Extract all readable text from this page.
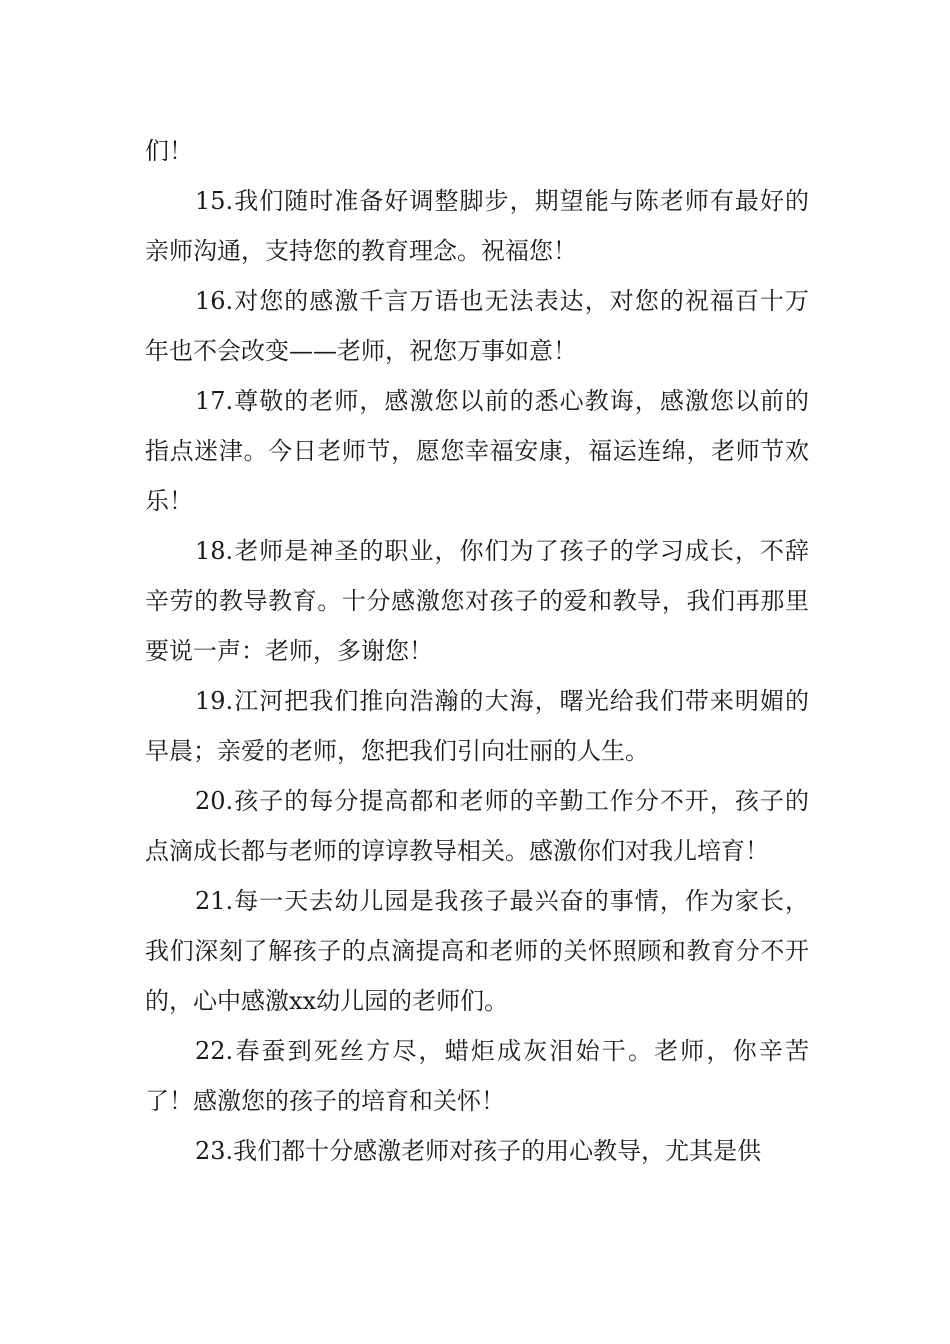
们！

15.我们随时准备好调整脚步，期望能与陈老师有最好的亲师沟通，支持您的教育理念。祝福您！

16.对您的感激千言万语也无法表达，对您的祝福百十万年也不会改变——老师，祝您万事如意！

17.尊敬的老师，感激您以前的悉心教诲，感激您以前的指点迷津。今日老师节，愿您幸福安康，福运连绵，老师节欢乐！

18.老师是神圣的职业，你们为了孩子的学习成长，不辞辛劳的教导教育。十分感激您对孩子的爱和教导，我们再那里要说一声：老师，多谢您！

19.江河把我们推向浩瀚的大海，曙光给我们带来明媚的早晨；亲爱的老师，您把我们引向壮丽的人生。

20.孩子的每分提高都和老师的辛勤工作分不开，孩子的点滴成长都与老师的谆谆教导相关。感激你们对我儿培育！

21.每一天去幼儿园是我孩子最兴奋的事情，作为家长，我们深刻了解孩子的点滴提高和老师的关怀照顾和教育分不开的，心中感激xx幼儿园的老师们。

22.春蚕到死丝方尽，蜡炬成灰泪始干。老师，你辛苦了！感激您的孩子的培育和关怀！

23.我们都十分感激老师对孩子的用心教导，尤其是供
